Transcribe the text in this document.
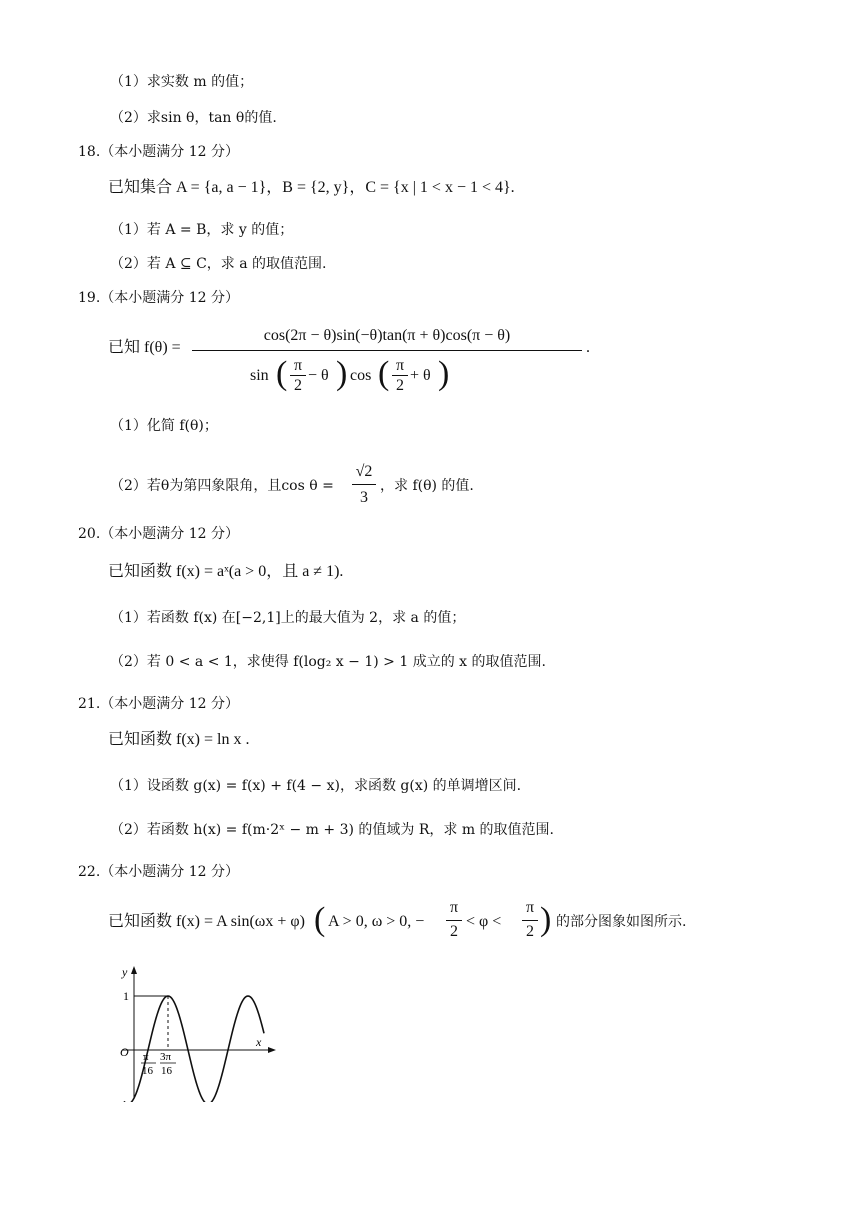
（1）求实数 m 的值；
（2）求sin θ，tan θ的值.
18.（本小题满分 12 分）
已知集合 A = {a, a − 1}，B = {2, y}，C = {x | 1 < x − 1 < 4}.
（1）若 A = B，求 y 的值；
（2）若 A ⊆ C，求 a 的取值范围.
19.（本小题满分 12 分）
已知 f(θ) =
cos(2π − θ)sin(−θ)tan(π + θ)cos(π − θ)
sin ( π
2
− θ ) cos ( π
2
+ θ )
.
（1）化简 f(θ)；
（2）若θ为第四象限角，且cos θ =
√2
3
，求 f(θ) 的值.
20.（本小题满分 12 分）
已知函数 f(x) = aˣ(a > 0，且 a ≠ 1).
（1）若函数 f(x) 在[−2,1]上的最大值为 2，求 a 的值；
（2）若 0 < a < 1，求使得 f(log₂ x − 1) > 1 成立的 x 的取值范围.
21.（本小题满分 12 分）
已知函数 f(x) = ln x .
（1）设函数 g(x) = f(x) + f(4 − x)，求函数 g(x) 的单调增区间.
（2）若函数 h(x) = f(m·2ˣ − m + 3) 的值域为 R，求 m 的取值范围.
22.（本小题满分 12 分）
已知函数 f(x) = A sin(ωx + φ) ( A > 0, ω > 0, −
π
2
< φ <
π
2 ) 的部分图象如图所示.
y
x
O
1
π
16
3π
16
